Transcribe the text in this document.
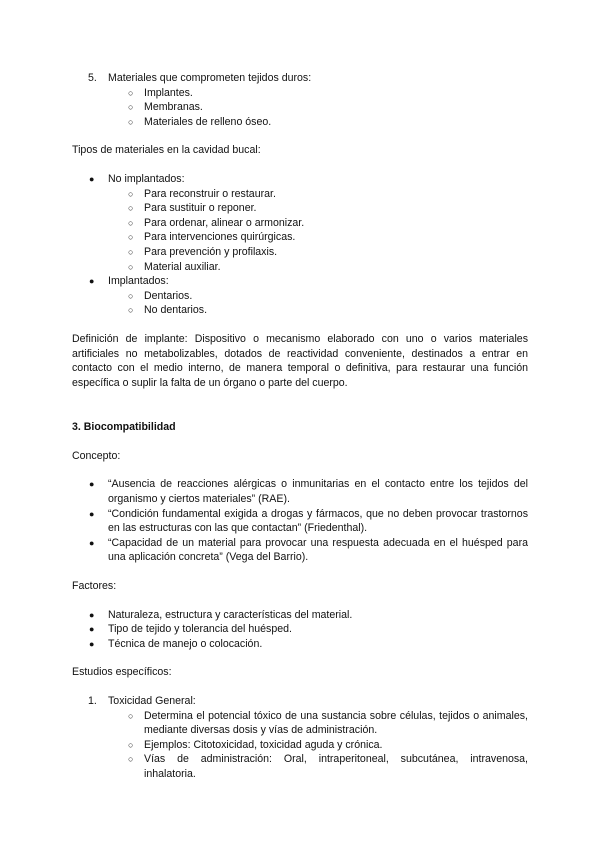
5.	Materiales que comprometen tejidos duros:
○ Implantes.
○ Membranas.
○ Materiales de relleno óseo.
Tipos de materiales en la cavidad bucal:
● No implantados:
○ Para reconstruir o restaurar.
○ Para sustituir o reponer.
○ Para ordenar, alinear o armonizar.
○ Para intervenciones quirúrgicas.
○ Para prevención y profilaxis.
○ Material auxiliar.
● Implantados:
○ Dentarios.
○ No dentarios.
Definición de implante: Dispositivo o mecanismo elaborado con uno o varios materiales artificiales no metabolizables, dotados de reactividad conveniente, destinados a entrar en contacto con el medio interno, de manera temporal o definitiva, para restaurar una función específica o suplir la falta de un órgano o parte del cuerpo.
3. Biocompatibilidad
Concepto:
● “Ausencia de reacciones alérgicas o inmunitarias en el contacto entre los tejidos del organismo y ciertos materiales” (RAE).
● “Condición fundamental exigida a drogas y fármacos, que no deben provocar trastornos en las estructuras con las que contactan” (Friedenthal).
● “Capacidad de un material para provocar una respuesta adecuada en el huésped para una aplicación concreta” (Vega del Barrio).
Factores:
● Naturaleza, estructura y características del material.
● Tipo de tejido y tolerancia del huésped.
● Técnica de manejo o colocación.
Estudios específicos:
1.	Toxicidad General:
○ Determina el potencial tóxico de una sustancia sobre células, tejidos o animales, mediante diversas dosis y vías de administración.
○ Ejemplos: Citotoxicidad, toxicidad aguda y crónica.
○ Vías de administración: Oral, intraperitoneal, subcutánea, intravenosa, inhalatoria.
